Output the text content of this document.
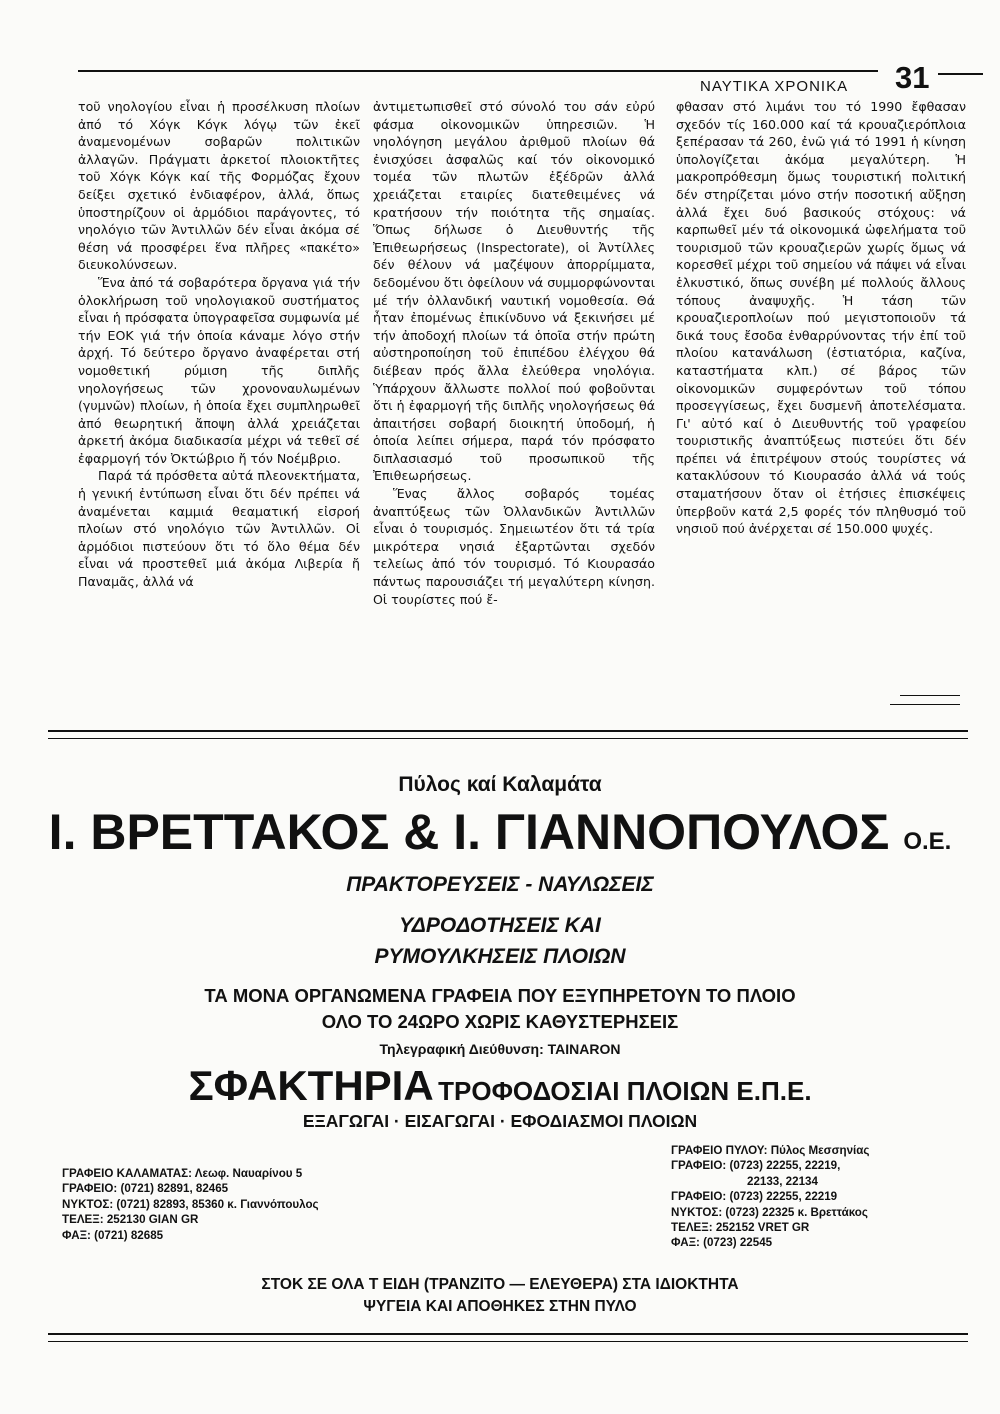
ΝΑΥΤΙΚΑ ΧΡΟΝΙΚΑ 31

τοῦ νηολογίου εἶναι ἡ προσέλκυση πλοίων ἀπό τό Χόγκ Κόγκ λόγῳ τῶν ἐκεῖ ἀναμενομένων σοβαρῶν πολιτικῶν ἀλλαγῶν. Πράγματι ἀρκετοί πλοιοκτῆτες τοῦ Χόγκ Κόγκ καί τῆς Φορμόζας ἔχουν δείξει σχετικό ἐνδιαφέρον, ἀλλά, ὅπως ὑποστηρίζουν οἱ ἁρμόδιοι παράγοντες, τό νηολόγιο τῶν Ἀντιλλῶν δέν εἶναι ἀκόμα σέ θέση νά προσφέρει ἕνα πλῆρες «πακέτο» διευκολύνσεων.

Ἕνα ἀπό τά σοβαρότερα ὄργανα γιά τήν ὁλοκλήρωση τοῦ νηολογιακοῦ συστήματος εἶναι ἡ πρόσφατα ὑπογραφεῖσα συμφωνία μέ τήν ΕΟΚ γιά τήν ὁποία κάναμε λόγο στήν ἀρχή. Τό δεύτερο ὄργανο ἀναφέρεται στή νομοθετική ρύμιση τῆς διπλῆς νηολογήσεως τῶν χρονοναυλωμένων (γυμνῶν) πλοίων, ἡ ὁποία ἔχει συμπληρωθεῖ ἀπό θεωρητική ἄποψη ἀλλά χρειάζεται ἀρκετή ἀκόμα διαδικασία μέχρι νά τεθεῖ σέ ἐφαρμογή τόν Ὀκτώβριο ἤ τόν Νοέμβριο.

Παρά τά πρόσθετα αὐτά πλεονεκτήματα, ἡ γενική ἐντύπωση εἶναι ὅτι δέν πρέπει νά ἀναμένεται καμμιά θεαματική εἰσροή πλοίων στό νηολόγιο τῶν Ἀντιλλῶν. Οἱ ἁρμόδιοι πιστεύουν ὅτι τό ὅλο θέμα δέν εἶναι νά προστεθεῖ μιά ἀκόμα Λιβερία ἤ Παναμᾶς, ἀλλά νά

ἀντιμετωπισθεῖ στό σύνολό του σάν εὐρύ φάσμα οἰκονομικῶν ὑπηρεσιῶν. Ἡ νηολόγηση μεγάλου ἀριθμοῦ πλοίων θά ἐνισχύσει ἀσφαλῶς καί τόν οἰκονομικό τομέα τῶν πλωτῶν ἐξέδρῶν ἀλλά χρειάζεται εταιρίες διατεθειμένες νά κρατήσουν τήν ποιότητα τῆς σημαίας. Ὅπως δήλωσε ὁ Διευθυντής τῆς Ἐπιθεωρήσεως (Inspectorate), οἱ Ἀντίλλες δέν θέλουν νά μαζέψουν ἀπορρίμματα, δεδομένου ὅτι ὀφείλουν νά συμμορφώνονται μέ τήν ὀλλανδική ναυτική νομοθεσία. Θά ἦταν ἐπομένως ἐπικίνδυνο νά ξεκινήσει μέ τήν ἀποδοχή πλοίων τά ὁποῖα στήν πρώτη αὐστηροποίηση τοῦ ἐπιπέδου ἐλέγχου θά διέβεαν πρός ἄλλα ἐλεύθερα νηολόγια. Ὑπάρχουν ἄλλωστε πολλοί πού φοβοῦνται ὅτι ἡ ἐφαρμογή τῆς διπλῆς νηολογήσεως θά ἀπαιτήσει σοβαρή διοικητή ὑποδομή, ἡ ὁποία λείπει σήμερα, παρά τόν πρόσφατο διπλασιασμό τοῦ προσωπικοῦ τῆς Ἐπιθεωρήσεως.

Ἕνας ἄλλος σοβαρός τομέας ἀναπτύξεως τῶν Ὀλλανδικῶν Ἀντιλλῶν εἶναι ὁ τουρισμός. Σημειωτέον ὅτι τά τρία μικρότερα νησιά ἐξαρτῶνται σχεδόν τελείως ἀπό τόν τουρισμό. Τό Κιουρασάο πάντως παρουσιάζει τή μεγαλύτερη κίνηση. Οἱ τουρίστες πού ἔ-

φθασαν στό λιμάνι του τό 1990 ἔφθασαν σχεδόν τίς 160.000 καί τά κρουαζιερόπλοια ξεπέρασαν τά 260, ἐνῶ γιά τό 1991 ἡ κίνηση ὑπολογίζεται ἀκόμα μεγαλύτερη. Ἡ μακροπρόθεσμη ὅμως τουριστική πολιτική δέν στηρίζεται μόνο στήν ποσοτική αὔξηση ἀλλά ἔχει δυό βασικούς στόχους: νά καρπωθεῖ μέν τά οἰκονομικά ὠφελήματα τοῦ τουρισμοῦ τῶν κρουαζιερῶν χωρίς ὅμως νά κορεσθεῖ μέχρι τοῦ σημείου νά πάψει νά εἶναι ἑλκυστικό, ὅπως συνέβη μέ πολλούς ἄλλους τόπους ἀναψυχῆς. Ἡ τάση τῶν κρουαζιεροπλοίων πού μεγιστοποιοῦν τά δικά τους ἔσοδα ἐνθαρρύνοντας τήν ἐπί τοῦ πλοίου κατανάλωση (ἑστιατόρια, καζίνα, καταστήματα κλπ.) σέ βάρος τῶν οἰκονομικῶν συμφερόντων τοῦ τόπου προσεγγίσεως, ἔχει δυσμενῆ ἀποτελέσματα. Γι' αὐτό καί ὁ Διευθυντής τοῦ γραφείου τουριστικῆς ἀναπτύξεως πιστεύει ὅτι δέν πρέπει νά ἐπιτρέψουν στούς τουρίστες νά κατακλύσουν τό Κιουρασάο ἀλλά νά τούς σταματήσουν ὅταν οἱ ἐτήσιες ἐπισκέψεις ὑπερβοῦν κατά 2,5 φορές τόν πληθυσμό τοῦ νησιοῦ πού ἀνέρχεται σέ 150.000 ψυχές.

Πύλος καί Καλαμάτα
Ι. ΒΡΕΤΤΑΚΟΣ & Ι. ΓΙΑΝΝΟΠΟΥΛΟΣ Ο.Ε.
ΠΡΑΚΤΟΡΕΥΣΕΙΣ - ΝΑΥΛΩΣΕΙΣ
ΥΔΡΟΔΟΤΗΣΕΙΣ ΚΑΙ
ΡΥΜΟΥΛΚΗΣΕΙΣ ΠΛΟΙΩΝ
ΤΑ ΜΟΝΑ ΟΡΓΑΝΩΜΕΝΑ ΓΡΑΦΕΙΑ ΠΟΥ ΕΞΥΠΗΡΕΤΟΥΝ ΤΟ ΠΛΟΙΟ
ΟΛΟ ΤΟ 24ΩΡΟ ΧΩΡΙΣ ΚΑΘΥΣΤΕΡΗΣΕΙΣ
Τηλεγραφική Διεύθυνση: TAINARON
ΣΦΑΚΤΗΡΙΑ ΤΡΟΦΟΔΟΣΙΑΙ ΠΛΟΙΩΝ Ε.Π.Ε.
ΕΞΑΓΩΓΑΙ · ΕΙΣΑΓΩΓΑΙ · ΕΦΟΔΙΑΣΜΟΙ ΠΛΟΙΩΝ
ΓΡΑΦΕΙΟ ΚΑΛΑΜΑΤΑΣ: Λεωφ. Ναυαρίνου 5
ΓΡΑΦΕΙΟ: (0721) 82891, 82465
ΝΥΚΤΟΣ: (0721) 82893, 85360 κ. Γιαννόπουλος
ΤΕΛΕΞ: 252130 GIAN GR
ΦΑΞ: (0721) 82685
ΓΡΑΦΕΙΟ ΠΥΛΟΥ: Πύλος Μεσσηνίας
ΓΡΑΦΕΙΟ: (0723) 22255, 22219,
22133, 22134
ΓΡΑΦΕΙΟ: (0723) 22255, 22219
ΝΥΚΤΟΣ: (0723) 22325 κ. Βρεττάκος
ΤΕΛΕΞ: 252152 VRET GR
ΦΑΞ: (0723) 22545
ΣΤΟΚ ΣΕ ΟΛΑ Τ ΕΙΔΗ (ΤΡΑΝΖΙΤΟ — ΕΛΕΥΘΕΡΑ) ΣΤΑ ΙΔΙΟΚΤΗΤΑ
ΨΥΓΕΙΑ ΚΑΙ ΑΠΟΘΗΚΕΣ ΣΤΗΝ ΠΥΛΟ
